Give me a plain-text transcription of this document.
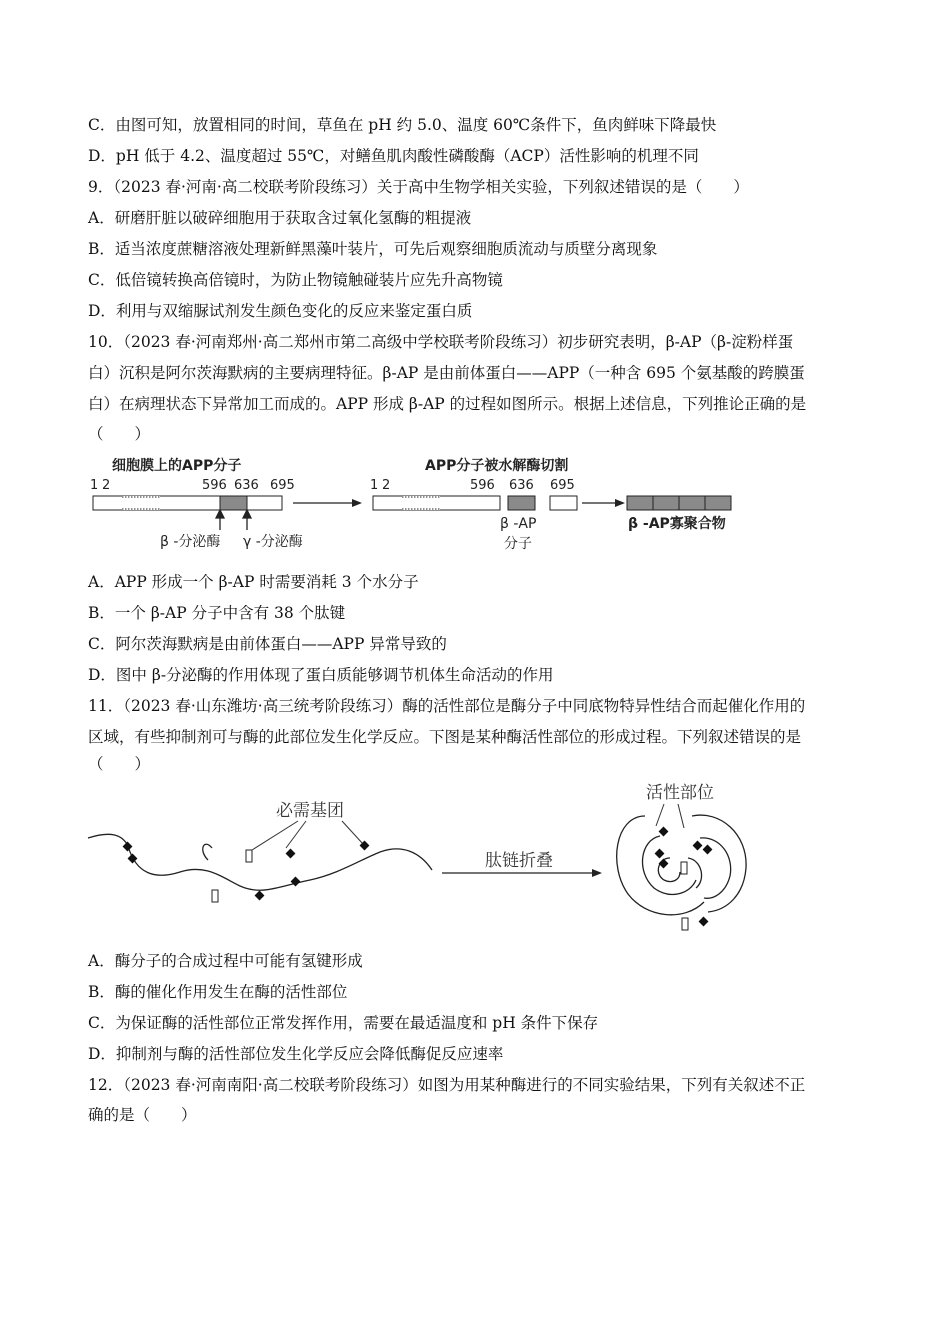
C．由图可知，放置相同的时间，草鱼在 pH 约 5.0、温度 60℃条件下，鱼肉鲜味下降最快
D．pH 低于 4.2、温度超过 55℃，对鳝鱼肌肉酸性磷酸酶（ACP）活性影响的机理不同
9．（2023 春·河南·高二校联考阶段练习）关于高中生物学相关实验，下列叙述错误的是（　　）
A．研磨肝脏以破碎细胞用于获取含过氧化氢酶的粗提液
B．适当浓度蔗糖溶液处理新鲜黑藻叶装片，可先后观察细胞质流动与质壁分离现象
C．低倍镜转换高倍镜时，为防止物镜触碰装片应先升高物镜
D．利用与双缩脲试剂发生颜色变化的反应来鉴定蛋白质
10．（2023 春·河南郑州·高二郑州市第二高级中学校联考阶段练习）初步研究表明，β-AP（β-淀粉样蛋
白）沉积是阿尔茨海默病的主要病理特征。β-AP 是由前体蛋白——APP（一种含 695 个氨基酸的跨膜蛋
白）在病理状态下异常加工而成的。APP 形成 β-AP 的过程如图所示。根据上述信息，下列推论正确的是
（　　）
细胞膜上的APP分子	APP分子被水解酶切割
1 2	596 636 695	1 2	596 636 695
β -分泌酶 γ -分泌酶
β -AP
分子
β -AP寡聚合物
A．APP 形成一个 β-AP 时需要消耗 3 个水分子
B．一个 β-AP 分子中含有 38 个肽键
C．阿尔茨海默病是由前体蛋白——APP 异常导致的
D．图中 β-分泌酶的作用体现了蛋白质能够调节机体生命活动的作用
11．（2023 春·山东潍坊·高三统考阶段练习）酶的活性部位是酶分子中同底物特异性结合而起催化作用的
区域，有些抑制剂可与酶的此部位发生化学反应。下图是某种酶活性部位的形成过程。下列叙述错误的是
（　　）
必需基团
肽链折叠
活性部位
A．酶分子的合成过程中可能有氢键形成
B．酶的催化作用发生在酶的活性部位
C．为保证酶的活性部位正常发挥作用，需要在最适温度和 pH 条件下保存
D．抑制剂与酶的活性部位发生化学反应会降低酶促反应速率
12．（2023 春·河南南阳·高二校联考阶段练习）如图为用某种酶进行的不同实验结果，下列有关叙述不正
确的是（　　）
